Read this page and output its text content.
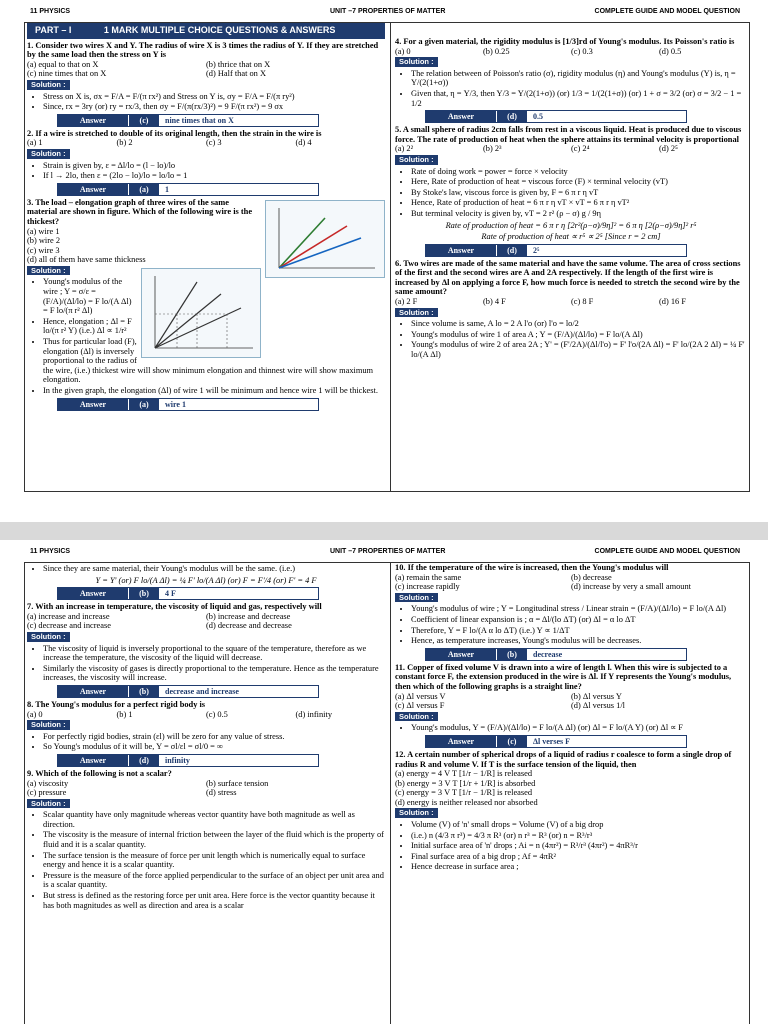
11 PHYSICS	UNIT –7 PROPERTIES OF MATTER	COMPLETE GUIDE AND MODEL QUESTION
PART – I	1 MARK MULTIPLE CHOICE QUESTIONS & ANSWERS
1. Consider two wires X and Y. The radius of wire X is 3 times the radius of Y. If they are stretched by the same load then the stress on Y is
(a) equal to that on X	(b) thrice that on X
(c) nine times that on X	(d) Half that on X
Solution :
• Stress on X is, σx = F/A = F/(π rx²) and Stress on Y is, σy = F/A = F/(π ry²)
• Since, rx = 3ry (or) ry = rx/3, then σy = F/(π(rx/3)²) = 9 F/(π rx²) = 9 σx
Answer	(c)	nine times that on X
2. If a wire is stretched to double of its original length, then the strain in the wire is
(a) 1	(b) 2	(c) 3	(d) 4
Solution :
• Strain is given by, ε = Δl/lo = (l − lo)/lo
• If l → 2lo, then ε = (2lo − lo)/lo = lo/lo = 1
Answer	(a)	1
3. The load – elongation graph of three wires of the same material are shown in figure. Which of the following wire is the thickest?
(a) wire 1
(b) wire 2
(c) wire 3
(d) all of them have same thickness
Solution :
• Young's modulus of the wire ; Y = σ/ε = (F/A)/(Δl/lo) = F lo/(A Δl) = F lo/(π r² Δl)
• Hence, elongation ; Δl = F lo/(π r² Y) (i.e.) Δl ∝ 1/r²
• Thus for particular load (F), elongation (Δl) is inversely proportional to the radius of the wire, (i.e.) thickest wire will show minimum elongation and thinnest wire will show maximum elongation.
• In the given graph, the elongation (Δl) of wire 1 will be minimum and hence wire 1 will be thickest.
Answer	(a)	wire 1
4. For a given material, the rigidity modulus is [1/3]rd of Young's modulus. Its Poisson's ratio is
(a) 0	(b) 0.25	(c) 0.3	(d) 0.5
Solution :
• The relation between of Poisson's ratio (σ), rigidity modulus (η) and Young's modulus (Y) is, η = Y/(2(1+σ))
• Given that, η = Y/3, then Y/3 = Y/(2(1+σ)) (or) 1/3 = 1/(2(1+σ)) (or) 1 + σ = 3/2 (or) σ = 3/2 − 1 = 1/2
Answer	(d)	0.5
5. A small sphere of radius 2cm falls from rest in a viscous liquid. Heat is produced due to viscous force. The rate of production of heat when the sphere attains its terminal velocity is proportional
(a) 2²	(b) 2³	(c) 2⁴	(d) 2⁵
Solution :
• Rate of doing work = power = force × velocity
• Here, Rate of production of heat = viscous force (F) × terminal velocity (vT)
• By Stoke's law, viscous force is given by, F = 6 π r η vT
• Hence, Rate of production of heat = 6 π r η vT × vT = 6 π r η vT²
• But terminal velocity is given by, vT = 2 r² (ρ − σ) g / 9η
Rate of production of heat = 6 π r η [2r²(ρ−σ)/9η]² = 6 π η [2(ρ−σ)/9η]² r⁵
Rate of production of heat ∝ r⁵ ∝ 2⁵ [Since r = 2 cm]
Answer	(d)	2⁵
6. Two wires are made of the same material and have the same volume. The area of cross sections of the first and the second wires are A and 2A respectively. If the length of the first wire is increased by Δl on applying a force F, how much force is needed to stretch the second wire by the same amount?
(a) 2 F	(b) 4 F	(c) 8 F	(d) 16 F
Solution :
• Since volume is same, A lo = 2 A l'o (or) l'o = lo/2
• Young's modulus of wire 1 of area A ; Y = (F/A)/(Δl/lo) = F lo/(A Δl)
• Young's modulus of wire 2 of area 2A ; Y' = (F'/2A)/(Δl/l'o) = F' l'o/(2A Δl) = F' lo/(2A 2 Δl) = ¼ F' lo/(A Δl)
11 PHYSICS	UNIT –7 PROPERTIES OF MATTER	COMPLETE GUIDE AND MODEL QUESTION
• Since they are same material, their Young's modulus will be the same. (i.e.)
Y = Y' (or) F lo/(A Δl) = ¼ F' lo/(A Δl) (or) F = F'/4 (or) F' = 4 F
Answer	(b)	4 F
7. With an increase in temperature, the viscosity of liquid and gas, respectively will
(a) increase and increase	(b) increase and decrease
(c) decrease and increase	(d) decrease and decrease
Solution :
• The viscosity of liquid is inversely proportional to the square of the temperature, therefore as we increase the temperature, the viscosity of the liquid will decrease.
• Similarly the viscosity of gases is directly proportional to the temperature. Hence as the temperature increases, the viscosity will increase.
Answer	(b)	decrease and increase
8. The Young's modulus for a perfect rigid body is
(a) 0	(b) 1	(c) 0.5	(d) infinity
Solution :
• For perfectly rigid bodies, strain (εl) will be zero for any value of stress.
• So Young's modulus of it will be, Y = σl/εl = σl/0 = ∞
Answer	(d)	infinity
9. Which of the following is not a scalar?
(a) viscosity	(b) surface tension
(c) pressure	(d) stress
Solution :
• Scalar quantity have only magnitude whereas vector quantity have both magnitude as well as direction.
• The viscosity is the measure of internal friction between the layer of the fluid which is the property of fluid and it is a scalar quantity.
• The surface tension is the measure of force per unit length which is numerically equal to surface energy and hence it is a scalar quantity.
• Pressure is the measure of the force applied perpendicular to the surface of an object per unit area and is a scalar quantity.
• But stress is defined as the restoring force per unit area. Here force is the vector quantity because it has both magnitudes as well as direction and area is a scalar
10. If the temperature of the wire is increased, then the Young's modulus will
(a) remain the same	(b) decrease
(c) increase rapidly	(d) increase by very a small amount
Solution :
• Young's modulus of wire ; Y = Longitudinal stress / Linear strain = (F/A)/(Δl/lo) = F lo/(A Δl)
• Coefficient of linear expansion is ; α = Δl/(lo ΔT) (or) Δl = α lo ΔT
• Therefore, Y = F lo/(A α lo ΔT) (i.e.) Y ∝ 1/ΔT
• Hence, as temperature increases, Young's modulus will be decreases.
Answer	(b)	decrease
11. Copper of fixed volume V is drawn into a wire of length l. When this wire is subjected to a constant force F, the extension produced in the wire is Δl. If Y represents the Young's modulus, then which of the following graphs is a straight line?
(a) Δl versus V	(b) Δl versus Y
(c) Δl versus F	(d) Δl versus 1/l
Solution :
• Young's modulus, Y = (F/A)/(Δl/lo) = F lo/(A Δl) (or) Δl = F lo/(A Y) (or) Δl ∝ F
Answer	(c)	Δl verses F
12. A certain number of spherical drops of a liquid of radius r coalesce to form a single drop of radius R and volume V. If T is the surface tension of the liquid, then
(a) energy = 4 V T [1/r − 1/R] is released
(b) energy = 3 V T [1/r + 1/R] is absorbed
(c) energy = 3 V T [1/r − 1/R] is released
(d) energy is neither released nor absorbed
Solution :
• Volume (V) of 'n' small drops = Volume (V) of a big drop
• (i.e.) n (4/3 π r³) = 4/3 π R³ (or) n r³ = R³ (or) n = R³/r³
• Initial surface area of 'n' drops ; Ai = n (4πr²) = R³/r³ (4πr²) = 4πR³/r
• Final surface area of a big drop ; Af = 4πR²
• Hence decrease in surface area ;
